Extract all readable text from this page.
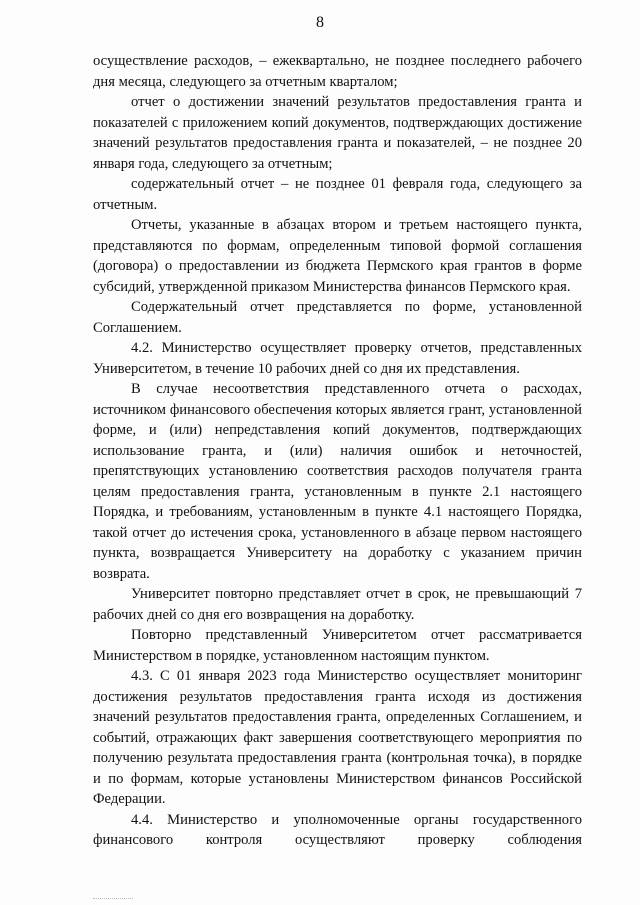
8

осуществление расходов, – ежеквартально, не позднее последнего рабочего дня месяца, следующего за отчетным кварталом;

отчет о достижении значений результатов предоставления гранта и показателей с приложением копий документов, подтверждающих достижение значений результатов предоставления гранта и показателей, – не позднее 20 января года, следующего за отчетным;

содержательный отчет – не позднее 01 февраля года, следующего за отчетным.

Отчеты, указанные в абзацах втором и третьем настоящего пункта, представляются по формам, определенным типовой формой соглашения (договора) о предоставлении из бюджета Пермского края грантов в форме субсидий, утвержденной приказом Министерства финансов Пермского края.

Содержательный отчет представляется по форме, установленной Соглашением.

4.2. Министерство осуществляет проверку отчетов, представленных Университетом, в течение 10 рабочих дней со дня их представления.

В случае несоответствия представленного отчета о расходах, источником финансового обеспечения которых является грант, установленной форме, и (или) непредставления копий документов, подтверждающих использование гранта, и (или) наличия ошибок и неточностей, препятствующих установлению соответствия расходов получателя гранта целям предоставления гранта, установленным в пункте 2.1 настоящего Порядка, и требованиям, установленным в пункте 4.1 настоящего Порядка, такой отчет до истечения срока, установленного в абзаце первом настоящего пункта, возвращается Университету на доработку с указанием причин возврата.

Университет повторно представляет отчет в срок, не превышающий 7 рабочих дней со дня его возвращения на доработку.

Повторно представленный Университетом отчет рассматривается Министерством в порядке, установленном настоящим пунктом.

4.3. С 01 января 2023 года Министерство осуществляет мониторинг достижения результатов предоставления гранта исходя из достижения значений результатов предоставления гранта, определенных Соглашением, и событий, отражающих факт завершения соответствующего мероприятия по получению результата предоставления гранта (контрольная точка), в порядке и по формам, которые установлены Министерством финансов Российской Федерации.

4.4. Министерство и уполномоченные органы государственного финансового контроля осуществляют проверку соблюдения
